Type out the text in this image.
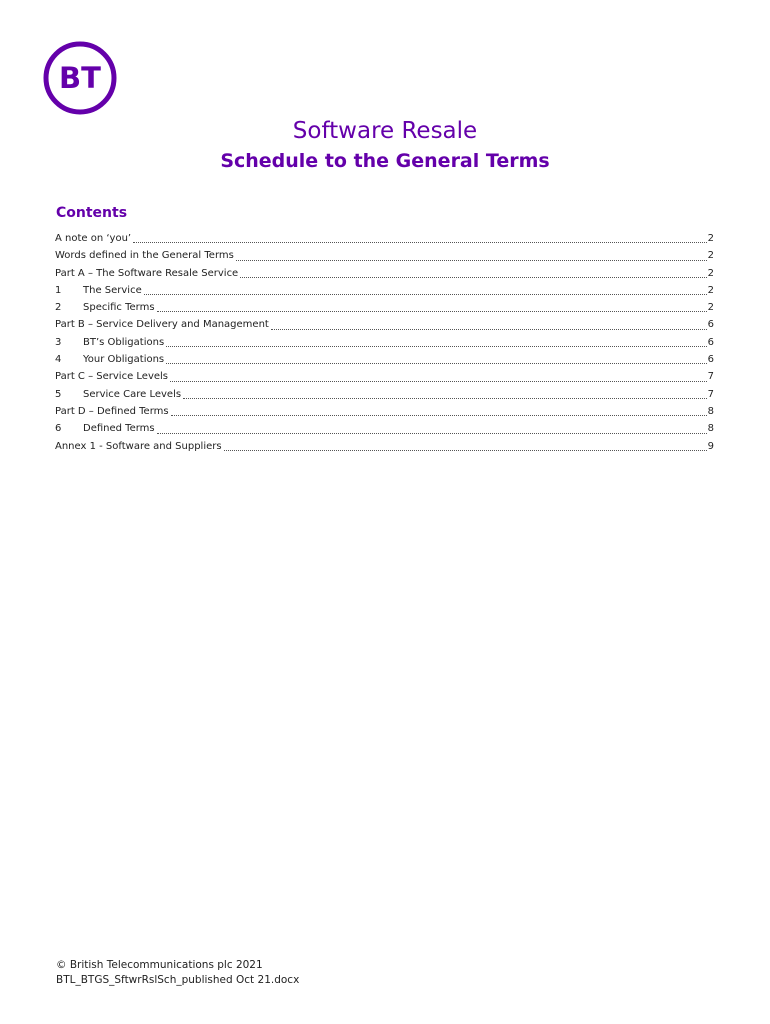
BT
Software Resale
Schedule to the General Terms
Contents
A note on ‘you’	2
Words defined in the General Terms	2
Part A – The Software Resale Service	2
1	The Service	2
2	Specific Terms	2
Part B – Service Delivery and Management	6
3	BT’s Obligations	6
4	Your Obligations	6
Part C – Service Levels	7
5	Service Care Levels	7
Part D – Defined Terms	8
6	Defined Terms	8
Annex 1 - Software and Suppliers	9
© British Telecommunications plc 2021
BTL_BTGS_SftwrRslSch_published Oct 21.docx
